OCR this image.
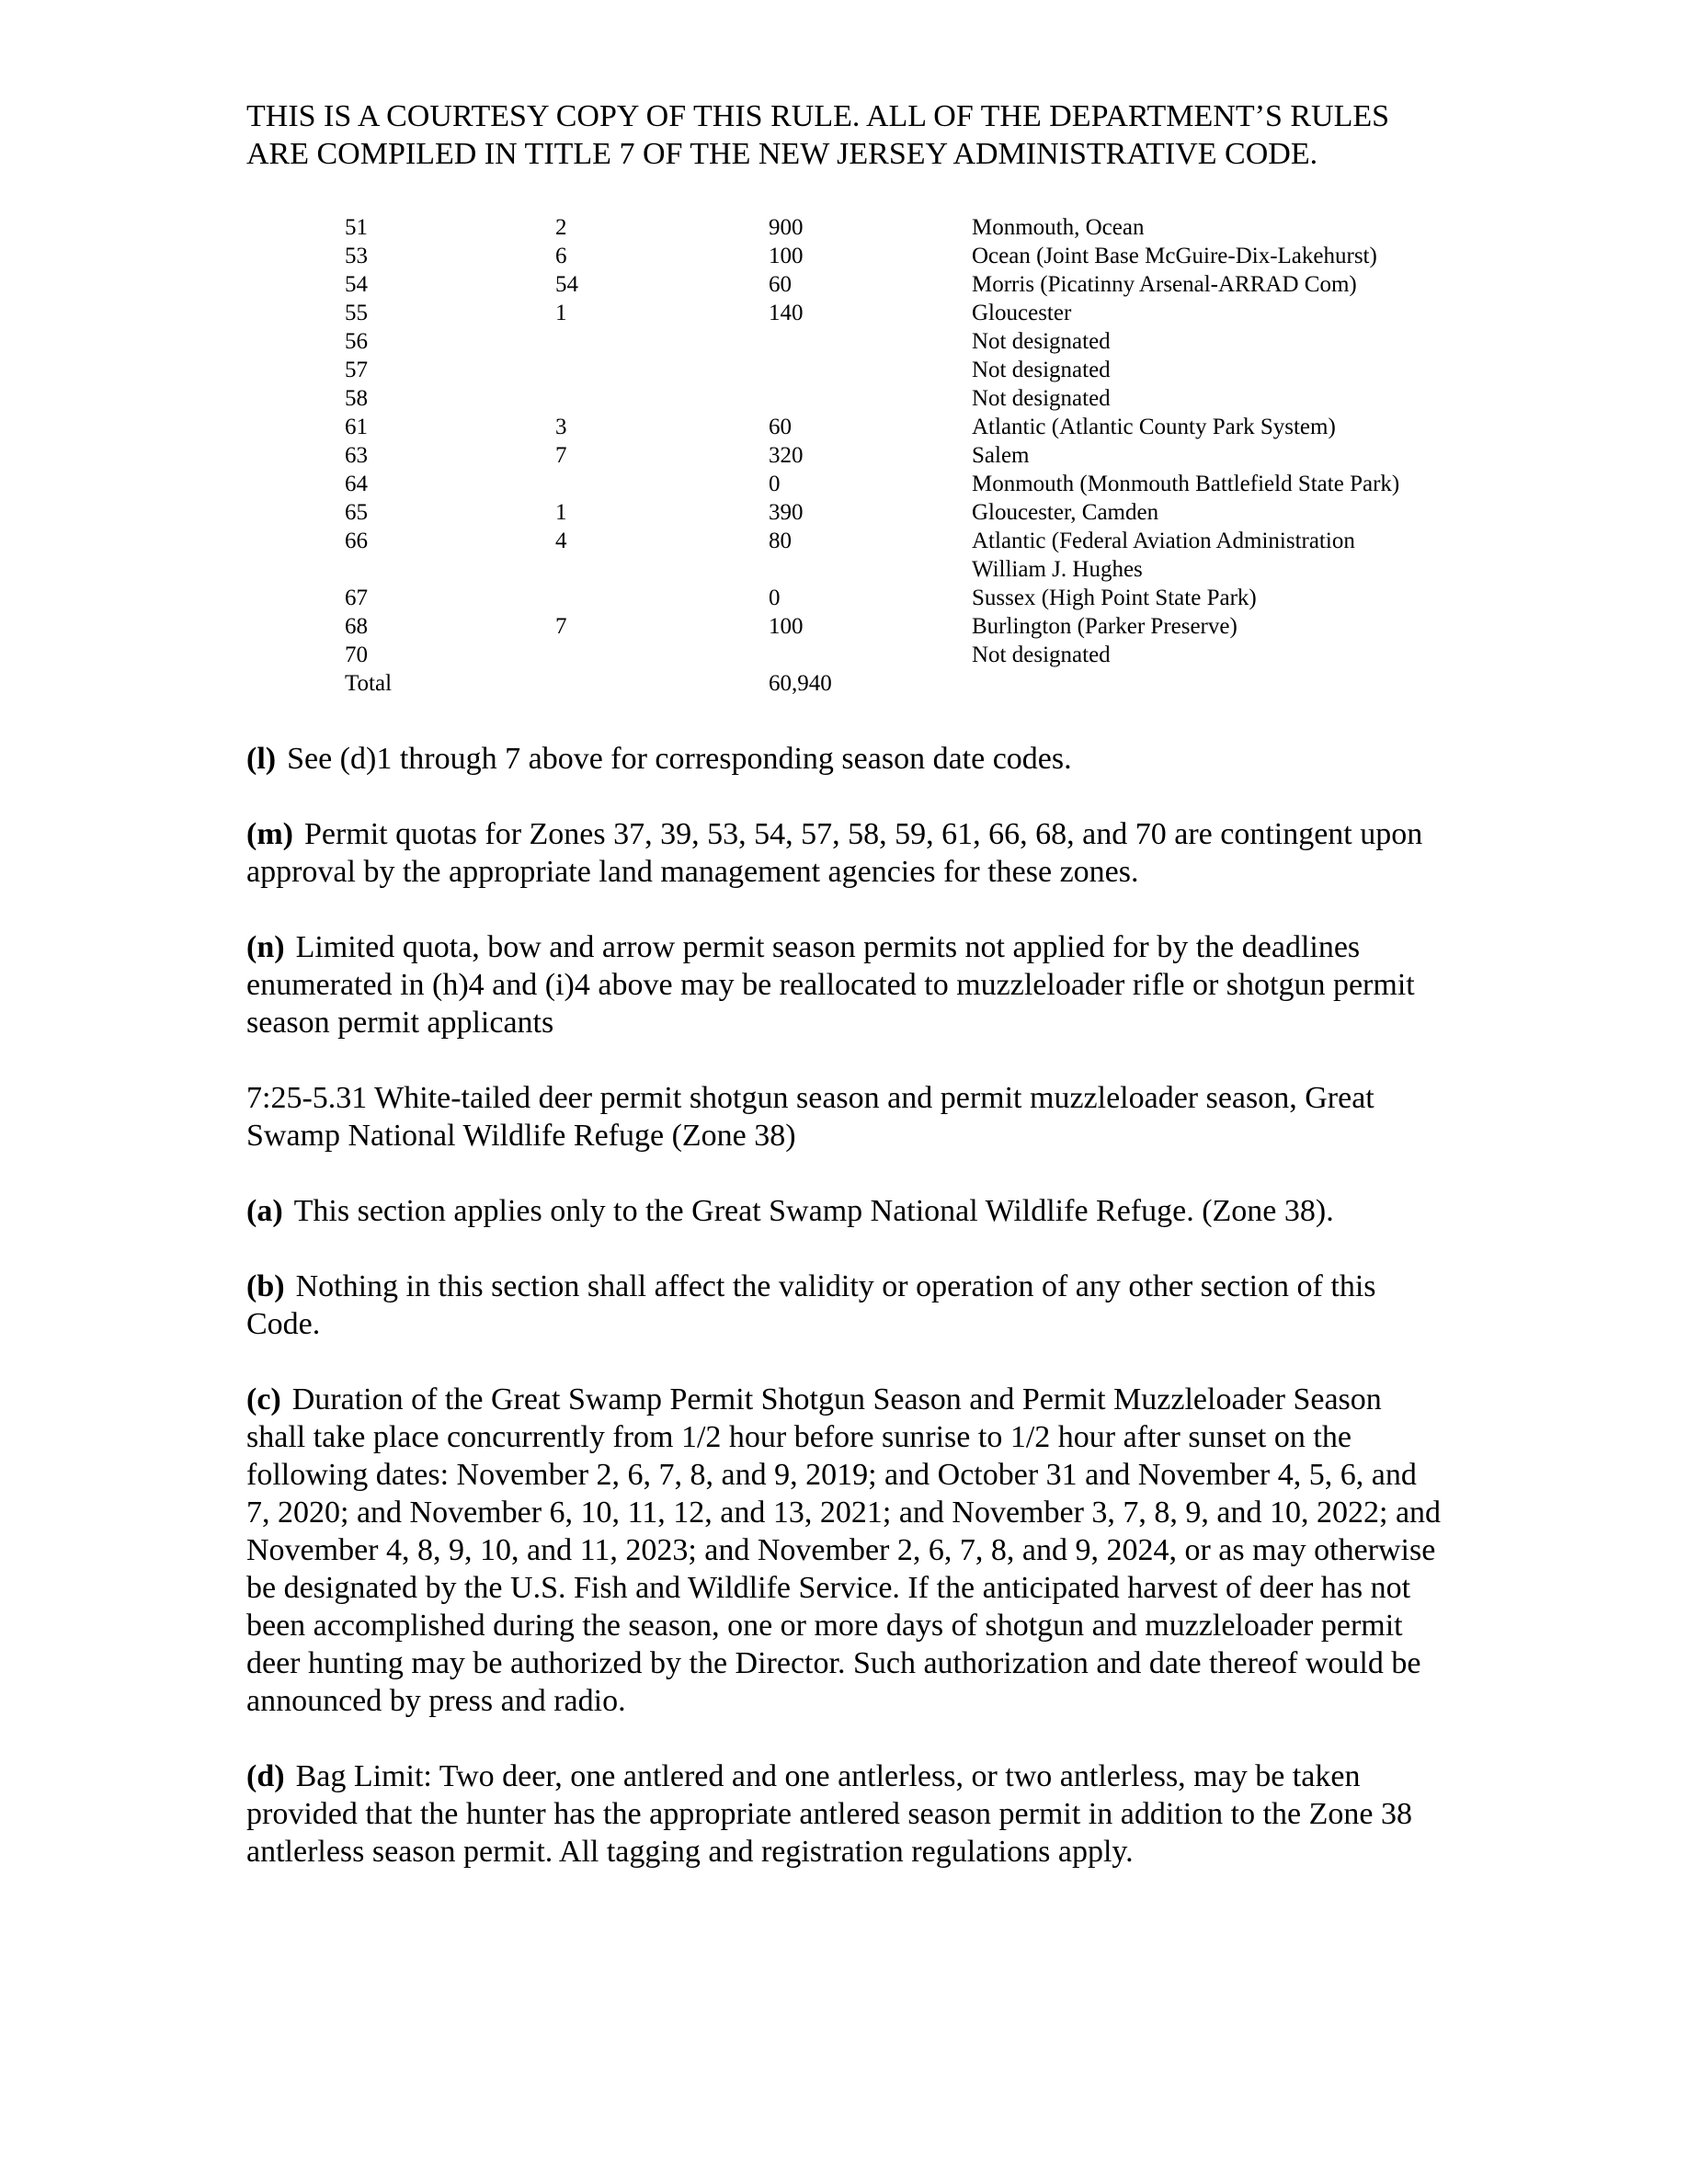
THIS IS A COURTESY COPY OF THIS RULE. ALL OF THE DEPARTMENT’S RULES ARE COMPILED IN TITLE 7 OF THE NEW JERSEY ADMINISTRATIVE CODE.
51	2	900	Monmouth, Ocean
53	6	100	Ocean (Joint Base McGuire-Dix-Lakehurst)
54	54	60	Morris (Picatinny Arsenal-ARRAD Com)
55	1	140	Gloucester
56			Not designated
57			Not designated
58			Not designated
61	3	60	Atlantic (Atlantic County Park System)
63	7	320	Salem
64		0	Monmouth (Monmouth Battlefield State Park)
65	1	390	Gloucester, Camden
66	4	80	Atlantic (Federal Aviation Administration William J. Hughes
67		0	Sussex (High Point State Park)
68	7	100	Burlington (Parker Preserve)
70			Not designated
Total		60,940	

(l) See (d)1 through 7 above for corresponding season date codes.

(m) Permit quotas for Zones 37, 39, 53, 54, 57, 58, 59, 61, 66, 68, and 70 are contingent upon approval by the appropriate land management agencies for these zones.

(n) Limited quota, bow and arrow permit season permits not applied for by the deadlines enumerated in (h)4 and (i)4 above may be reallocated to muzzleloader rifle or shotgun permit season permit applicants

7:25-5.31 White-tailed deer permit shotgun season and permit muzzleloader season, Great Swamp National Wildlife Refuge (Zone 38)

(a) This section applies only to the Great Swamp National Wildlife Refuge. (Zone 38).

(b) Nothing in this section shall affect the validity or operation of any other section of this Code.

(c) Duration of the Great Swamp Permit Shotgun Season and Permit Muzzleloader Season shall take place concurrently from 1/2 hour before sunrise to 1/2 hour after sunset on the following dates: November 2, 6, 7, 8, and 9, 2019; and October 31 and November 4, 5, 6, and 7, 2020; and November 6, 10, 11, 12, and 13, 2021; and November 3, 7, 8, 9, and 10, 2022; and November 4, 8, 9, 10, and 11, 2023; and November 2, 6, 7, 8, and 9, 2024, or as may otherwise be designated by the U.S. Fish and Wildlife Service. If the anticipated harvest of deer has not been accomplished during the season, one or more days of shotgun and muzzleloader permit deer hunting may be authorized by the Director. Such authorization and date thereof would be announced by press and radio.

(d) Bag Limit: Two deer, one antlered and one antlerless, or two antlerless, may be taken provided that the hunter has the appropriate antlered season permit in addition to the Zone 38 antlerless season permit. All tagging and registration regulations apply.
